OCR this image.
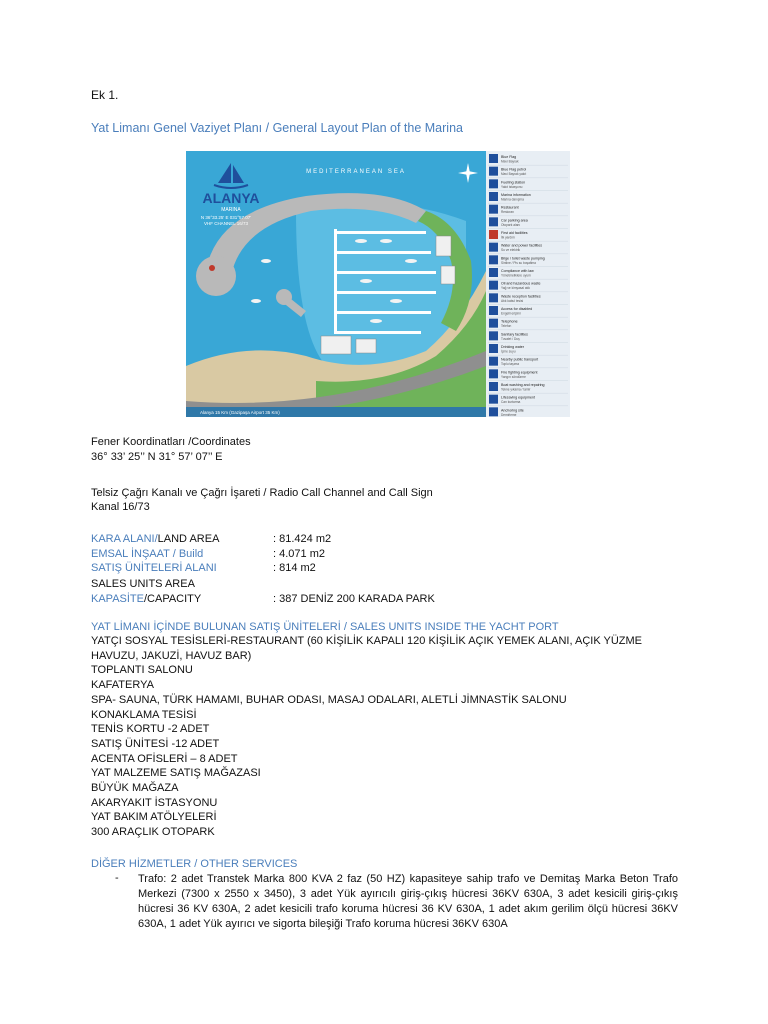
Ek 1.
Yat Limanı Genel Vaziyet Planı / General Layout Plan of the Marina
ALANYA
MARINA
N 36°33.25' E 031°57.07'
VHF CHANNEL 16/73
MEDITERRANEAN SEA
Alanya 15 Km (Gazipaşa Airport 35 Km)
Blue Flag
Mavi Bayrak
Blue Flag petrol
Mavi Bayrak yakıt
Fuelling station
Yakıt istasyonu
Marina information
Marina danışma
Restaurant
Restoran
Car parking area
Otopark alanı
First aid facilities
İlk yardım
Water and power facilities
Su ve elektrik
Bilge / toilet waste pumping
Sintine / Pis su boşaltma
Compliance with law
Yönetmeliklere uyum
Oil and hazardous waste
Yağ ve kimyasal atık
Waste reception facilities
Atık kabul tesisi
Access for disabled
Engelli erişimi
Telephone
Telefon
Sanitary facilities
Tuvalet / Duş
Drinking water
İçme suyu
Nearby public transport
Toplu taşıma
Fire fighting equipment
Yangın söndürme
Boat washing and repairing
Tekne yıkama / tamir
Lifesaving equipment
Can kurtarma
Anchoring site
Demirleme
Fener Koordinatları /Coordinates
36° 33’ 25’’ N 31° 57’ 07’’ E
Telsiz Çağrı Kanalı ve Çağrı İşareti / Radio Call Channel and Call Sign
Kanal 16/73
KARA ALANI/LAND AREA	: 81.424 m2
EMSAL İNŞAAT / Build	: 4.071 m2
SATIŞ ÜNİTELERİ ALANI	: 814 m2
SALES UNITS AREA
KAPASİTE/CAPACITY	: 387 DENİZ 200 KARADA PARK
YAT LİMANI İÇİNDE BULUNAN SATIŞ ÜNİTELERİ / SALES UNITS INSIDE THE YACHT PORT
YATÇI SOSYAL TESİSLERİ-RESTAURANT (60 KİŞİLİK KAPALI 120 KİŞİLİK AÇIK YEMEK ALANI, AÇIK YÜZME HAVUZU, JAKUZİ, HAVUZ BAR)
TOPLANTI SALONU
KAFATERYA
SPA- SAUNA, TÜRK HAMAMI, BUHAR ODASI, MASAJ ODALARI, ALETLİ JİMNASTİK SALONU
KONAKLAMA TESİSİ
TENİS KORTU -2 ADET
SATIŞ ÜNİTESİ -12 ADET
ACENTA OFİSLERİ – 8 ADET
YAT MALZEME SATIŞ MAĞAZASI
BÜYÜK MAĞAZA
AKARYAKIT İSTASYONU
YAT BAKIM ATÖLYELERİ
300 ARAÇLIK OTOPARK
DİĞER HİZMETLER / OTHER SERVICES
- Trafo: 2 adet Transtek Marka 800 KVA 2 faz (50 HZ) kapasiteye sahip trafo ve Demitaş Marka Beton Trafo Merkezi (7300 x 2550 x 3450), 3 adet Yük ayırıcılı giriş-çıkış hücresi 36KV 630A, 3 adet kesicili giriş-çıkış hücresi 36 KV 630A, 2 adet kesicili trafo koruma hücresi 36 KV 630A, 1 adet akım gerilim ölçü hücresi 36KV 630A, 1 adet Yük ayırıcı ve sigorta bileşiği Trafo koruma hücresi 36KV 630A
